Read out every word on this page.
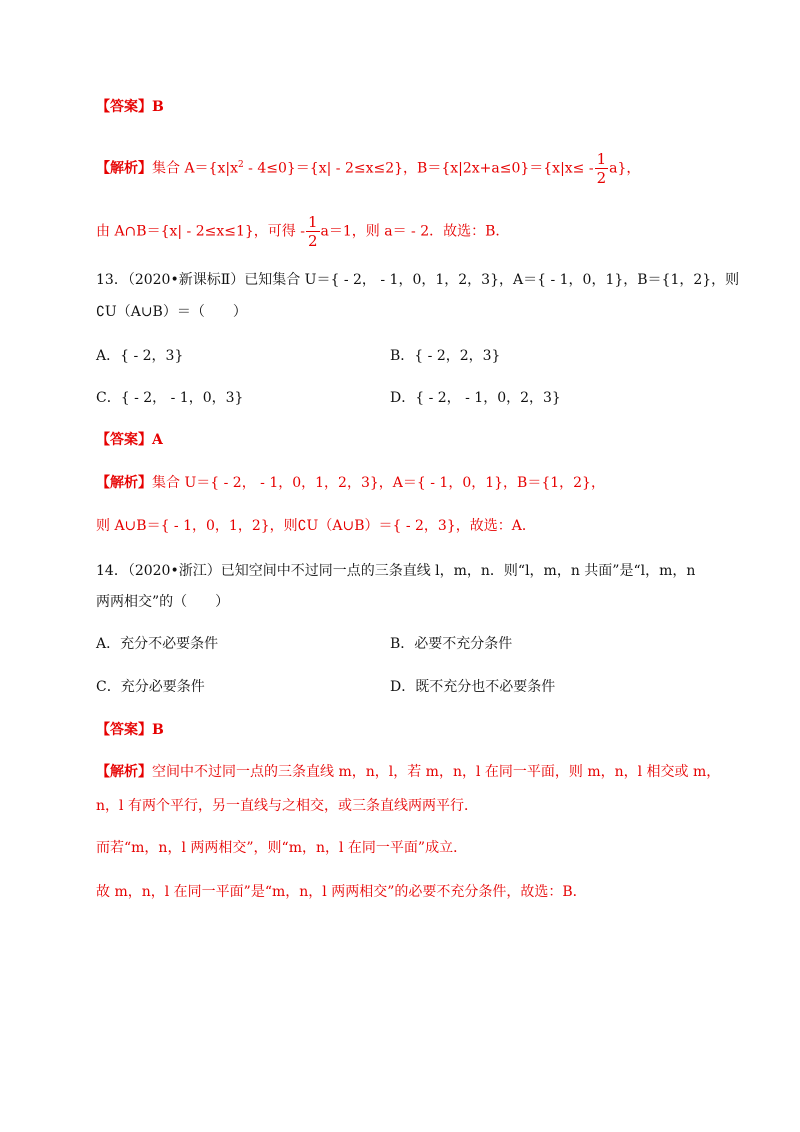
【答案】B
【解析】集合 $A=\{x|x^2 - 4\le 0\}=\{x| - 2\le x\le 2\}$，$B=\{x|2x+a\le 0\}=\{x|x\le - \frac{1}{2} a\}$，
由 A∩B＝{x| - 2≤x≤1}，可得 - $\frac{1}{2} a=1$，则 a＝ - 2．故选：B．
13．（2020•新课标Ⅱ）已知集合 U＝{ - 2， - 1，0，1，2，3}，A＝{ - 1，0，1}，B＝{1，2}，则
∁U（A∪B）＝（　　）
A．{ - 2，3}	B．{ - 2，2，3}
C．{ - 2， - 1，0，3}	D．{ - 2， - 1，0，2，3}
【答案】A
【解析】集合 U＝{ - 2， - 1，0，1，2，3}，A＝{ - 1，0，1}，B＝{1，2}，
则 A∪B＝{ - 1，0，1，2}，则∁U（A∪B）＝{ - 2，3}，故选：A．
14．（2020•浙江）已知空间中不过同一点的三条直线 l，m，n．则“l，m，n 共面”是“l，m，n
两两相交”的（　　）
A．充分不必要条件	B．必要不充分条件
C．充分必要条件	D．既不充分也不必要条件
【答案】B
【解析】空间中不过同一点的三条直线 m，n，l，若 m，n，l 在同一平面，则 m，n，l 相交或 m，
n，l 有两个平行，另一直线与之相交，或三条直线两两平行．
而若“m，n，l 两两相交”，则“m，n，l 在同一平面”成立．
故 m，n，l 在同一平面”是“m，n，l 两两相交”的必要不充分条件，故选：B．
